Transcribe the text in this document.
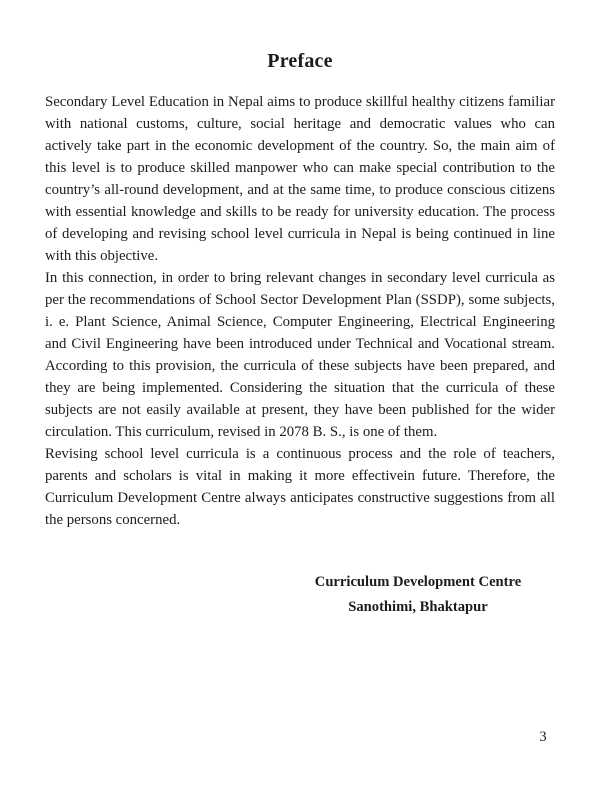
Preface

Secondary Level Education in Nepal aims to produce skillful healthy citizens familiar with national customs, culture, social heritage and democratic values who can actively take part in the economic development of the country. So, the main aim of this level is to produce skilled manpower who can make special contribution to the country’s all-round development, and at the same time, to produce conscious citizens with essential knowledge and skills to be ready for university education. The process of developing and revising school level curricula in Nepal is being continued in line with this objective.

In this connection, in order to bring relevant changes in secondary level curricula as per the recommendations of School Sector Development Plan (SSDP), some subjects, i. e. Plant Science, Animal Science, Computer Engineering, Electrical Engineering and Civil Engineering have been introduced under Technical and Vocational stream. According to this provision, the curricula of these subjects have been prepared, and they are being implemented. Considering the situation that the curricula of these subjects are not easily available at present, they have been published for the wider circulation. This curriculum, revised in 2078 B. S., is one of them.

Revising school level curricula is a continuous process and the role of teachers, parents and scholars is vital in making it more effectivein future. Therefore, the Curriculum Development Centre always anticipates constructive suggestions from all the persons concerned.

Curriculum Development Centre
Sanothimi, Bhaktapur
3
